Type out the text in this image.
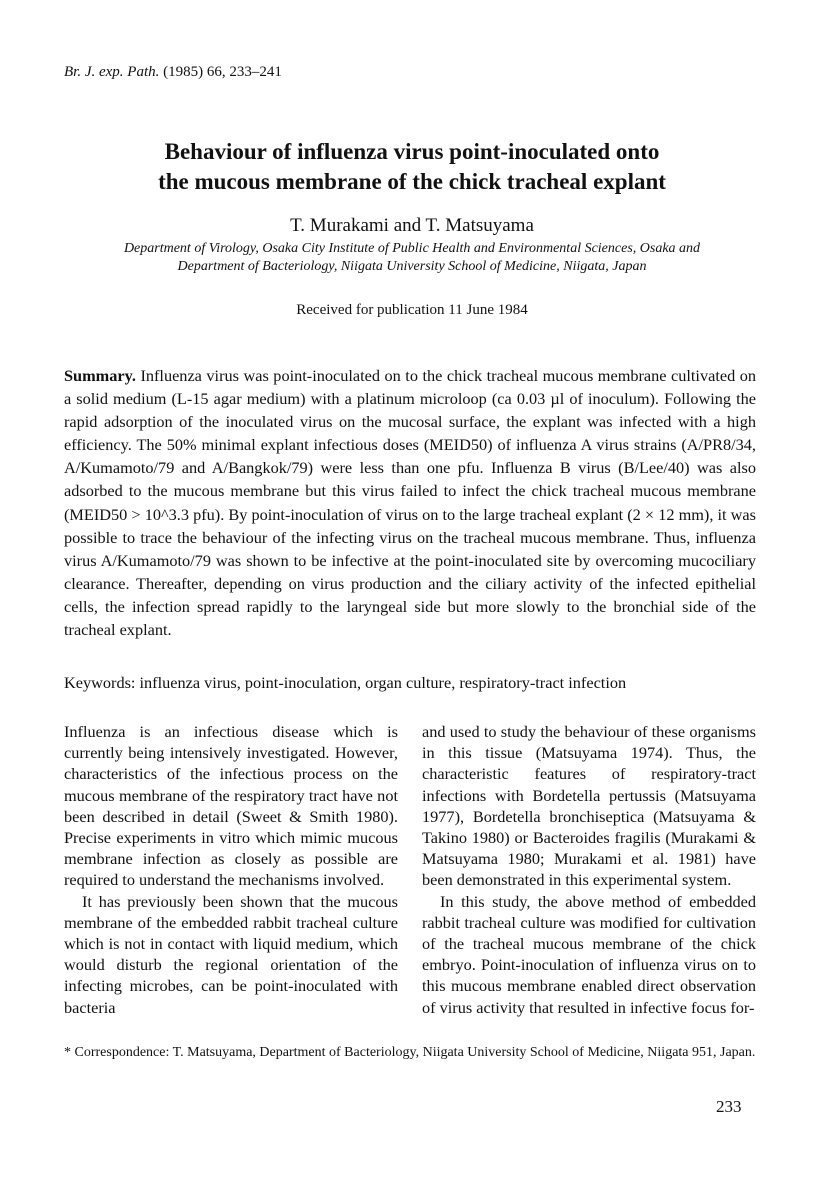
Br. J. exp. Path. (1985) 66, 233–241
Behaviour of influenza virus point-inoculated onto
the mucous membrane of the chick tracheal explant
T. Murakami and T. Matsuyama
Department of Virology, Osaka City Institute of Public Health and Environmental Sciences, Osaka and
Department of Bacteriology, Niigata University School of Medicine, Niigata, Japan
Received for publication 11 June 1984

Summary. Influenza virus was point-inoculated on to the chick tracheal mucous membrane cultivated on a solid medium (L-15 agar medium) with a platinum microloop (ca 0.03 µl of inoculum). Following the rapid adsorption of the inoculated virus on the mucosal surface, the explant was infected with a high efficiency. The 50% minimal explant infectious doses (MEID50) of influenza A virus strains (A/PR8/34, A/Kumamoto/79 and A/Bangkok/79) were less than one pfu. Influenza B virus (B/Lee/40) was also adsorbed to the mucous membrane but this virus failed to infect the chick tracheal mucous membrane (MEID50 > 10^3.3 pfu). By point-inoculation of virus on to the large tracheal explant (2 × 12 mm), it was possible to trace the behaviour of the infecting virus on the tracheal mucous membrane. Thus, influenza virus A/Kumamoto/79 was shown to be infective at the point-inoculated site by overcoming mucociliary clearance. Thereafter, depending on virus production and the ciliary activity of the infected epithelial cells, the infection spread rapidly to the laryngeal side but more slowly to the bronchial side of the tracheal explant.

Keywords: influenza virus, point-inoculation, organ culture, respiratory-tract infection

Influenza is an infectious disease which is currently being intensively investigated. However, characteristics of the infectious process on the mucous membrane of the respiratory tract have not been described in detail (Sweet & Smith 1980). Precise experiments in vitro which mimic mucous membrane infection as closely as possible are required to understand the mechanisms involved.

It has previously been shown that the mucous membrane of the embedded rabbit tracheal culture which is not in contact with liquid medium, which would disturb the regional orientation of the infecting microbes, can be point-inoculated with bacteria

and used to study the behaviour of these organisms in this tissue (Matsuyama 1974). Thus, the characteristic features of respiratory-tract infections with Bordetella pertussis (Matsuyama 1977), Bordetella bronchiseptica (Matsuyama & Takino 1980) or Bacteroides fragilis (Murakami & Matsuyama 1980; Murakami et al. 1981) have been demonstrated in this experimental system.

In this study, the above method of embedded rabbit tracheal culture was modified for cultivation of the tracheal mucous membrane of the chick embryo. Point-inoculation of influenza virus on to this mucous membrane enabled direct observation of virus activity that resulted in infective focus for-

* Correspondence: T. Matsuyama, Department of Bacteriology, Niigata University School of Medicine, Niigata 951, Japan.

233
